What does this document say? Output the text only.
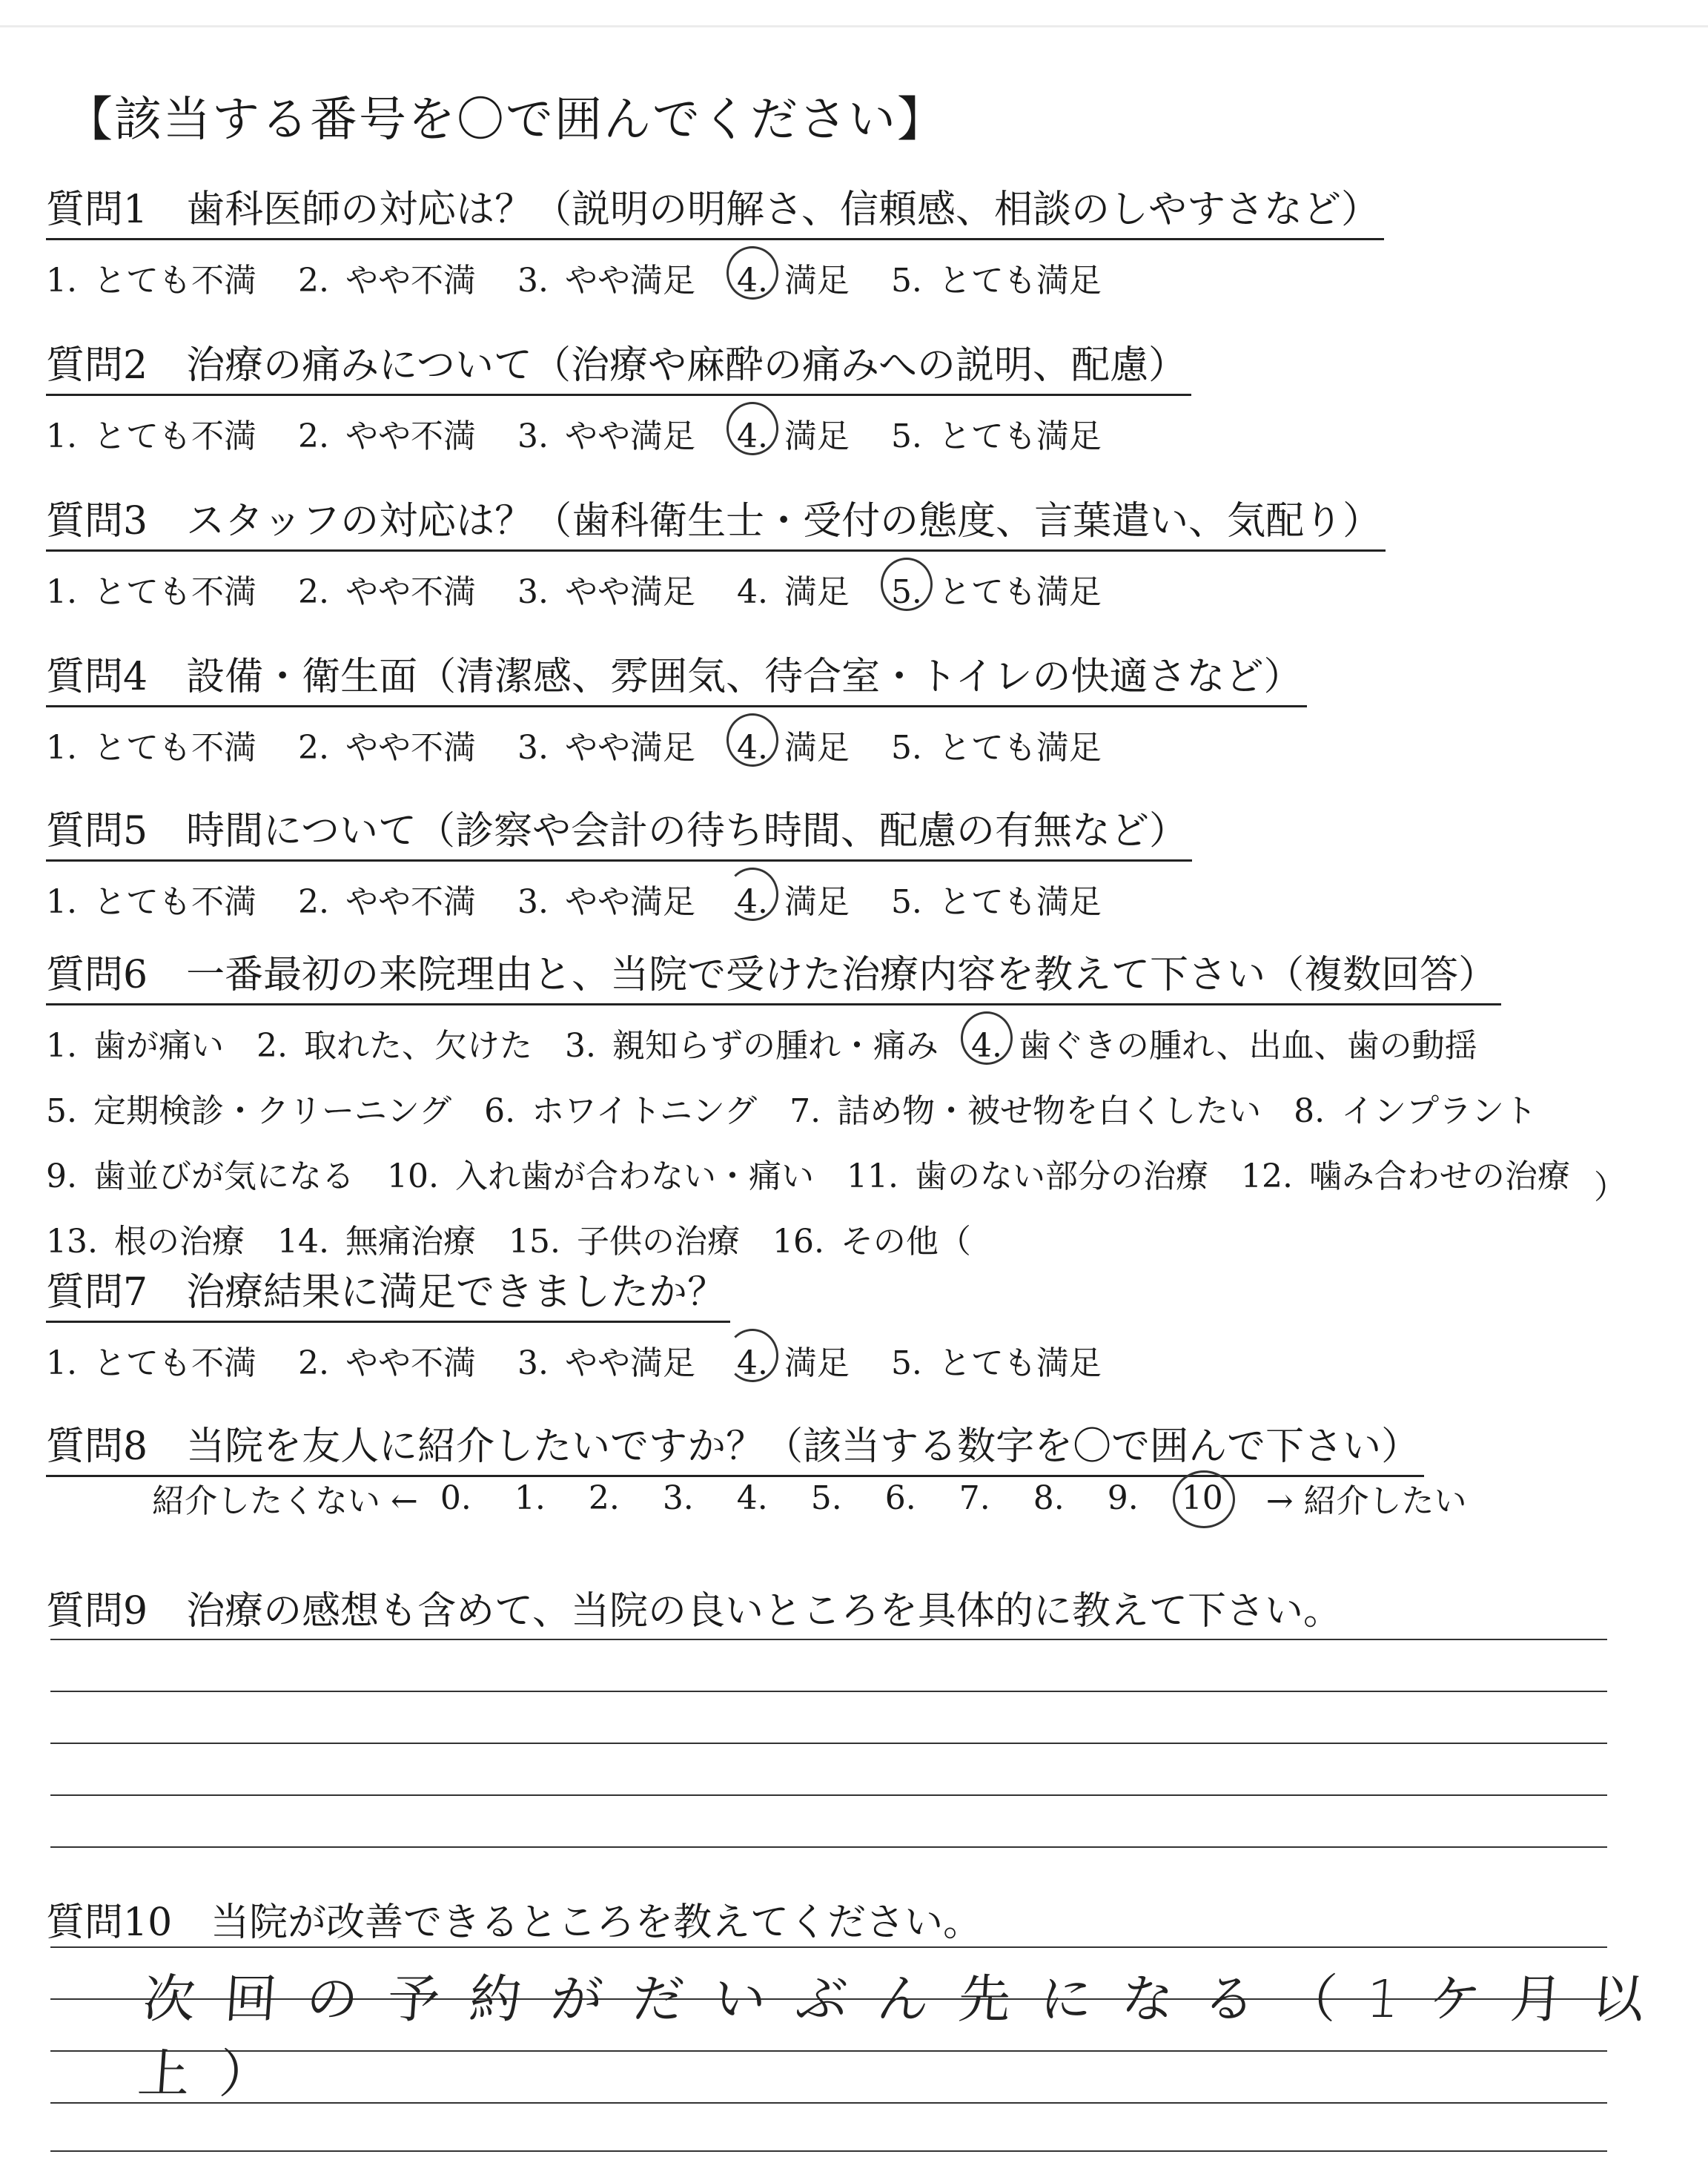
【該当する番号を〇で囲んでください】
質問1　歯科医師の対応は？（説明の明解さ、信頼感、相談のしやすさなど）
1. とても不満 2. やや不満 3. やや満足 4. 満足 5. とても満足
質問2　治療の痛みについて（治療や麻酔の痛みへの説明、配慮）
1. とても不満 2. やや不満 3. やや満足 4. 満足 5. とても満足
質問3　スタッフの対応は？（歯科衛生士・受付の態度、言葉遣い、気配り）
1. とても不満 2. やや不満 3. やや満足 4. 満足 5. とても満足
質問4　設備・衛生面（清潔感、雰囲気、待合室・トイレの快適さなど）
1. とても不満 2. やや不満 3. やや満足 4. 満足 5. とても満足
質問5　時間について（診察や会計の待ち時間、配慮の有無など）
1. とても不満 2. やや不満 3. やや満足 4. 満足 5. とても満足
質問7　治療結果に満足できましたか？
1. とても不満 2. やや不満 3. やや満足 4. 満足 5. とても満足
質問6　一番最初の来院理由と、当院で受けた治療内容を教えて下さい（複数回答）
1. 歯が痛い 2. 取れた、欠けた 3. 親知らずの腫れ・痛み 4. 歯ぐきの腫れ、出血、歯の動揺
5. 定期検診・クリーニング 6. ホワイトニング 7. 詰め物・被せ物を白くしたい 8. インプラント
9. 歯並びが気になる 10. 入れ歯が合わない・痛い 11. 歯のない部分の治療 12. 噛み合わせの治療
13. 根の治療 14. 無痛治療 15. 子供の治療 16. その他（
）
質問8　当院を友人に紹介したいですか？（該当する数字を〇で囲んで下さい）
紹介したくない ← 0. 1. 2. 3. 4. 5. 6. 7. 8. 9. 10 → 紹介したい
質問9　治療の感想も含めて、当院の良いところを具体的に教えて下さい。
質問10　当院が改善できるところを教えてください。
次回の予約がだいぶん先になる（1ケ月以上）
